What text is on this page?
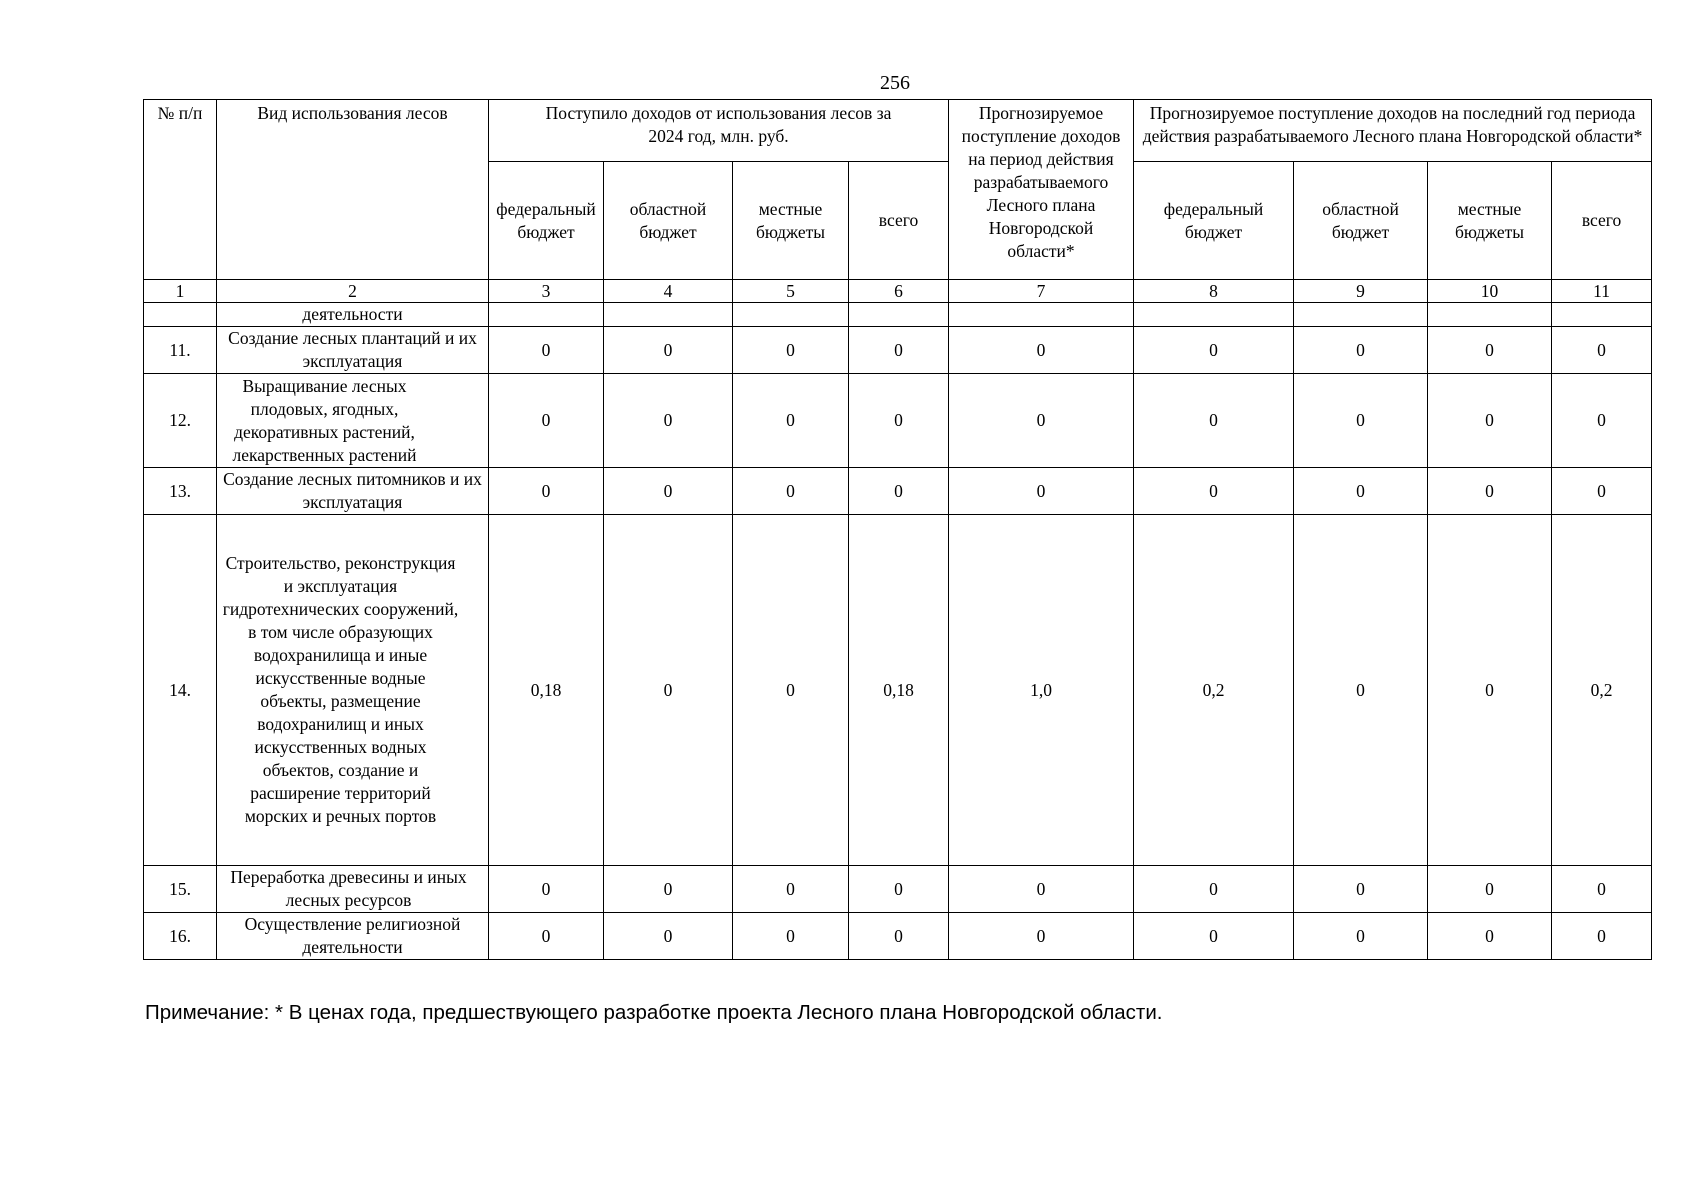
256
№ п/п	Вид использования лесов	Поступило доходов от использования лесов за 2024 год, млн. руб.				Прогнозируемое поступление доходов на период действия разрабатываемого Лесного плана Новгородской области*	Прогнозируемое поступление доходов на последний год периода действия разрабатываемого Лесного плана Новгородской области*			
		федеральный бюджет	областной бюджет	местные бюджеты	всего		федеральный бюджет	областной бюджет	местные бюджеты	всего
1	2	3	4	5	6	7	8	9	10	11
	деятельности									
11.	Создание лесных плантаций и их эксплуатация	0	0	0	0	0	0	0	0	0
12.	Выращивание лесных плодовых, ягодных, декоративных растений, лекарственных растений	0	0	0	0	0	0	0	0	0
13.	Создание лесных питомников и их эксплуатация	0	0	0	0	0	0	0	0	0
14.	Строительство, реконструкция и эксплуатация гидротехнических сооружений, в том числе образующих водохранилища и иные искусственные водные объекты, размещение водохранилищ и иных искусственных водных объектов, создание и расширение территорий морских и речных портов	0,18	0	0	0,18	1,0	0,2	0	0	0,2
15.	Переработка древесины и иных лесных ресурсов	0	0	0	0	0	0	0	0	0
16.	Осуществление религиозной деятельности	0	0	0	0	0	0	0	0	0
Примечание: * В ценах года, предшествующего разработке проекта Лесного плана Новгородской области.
